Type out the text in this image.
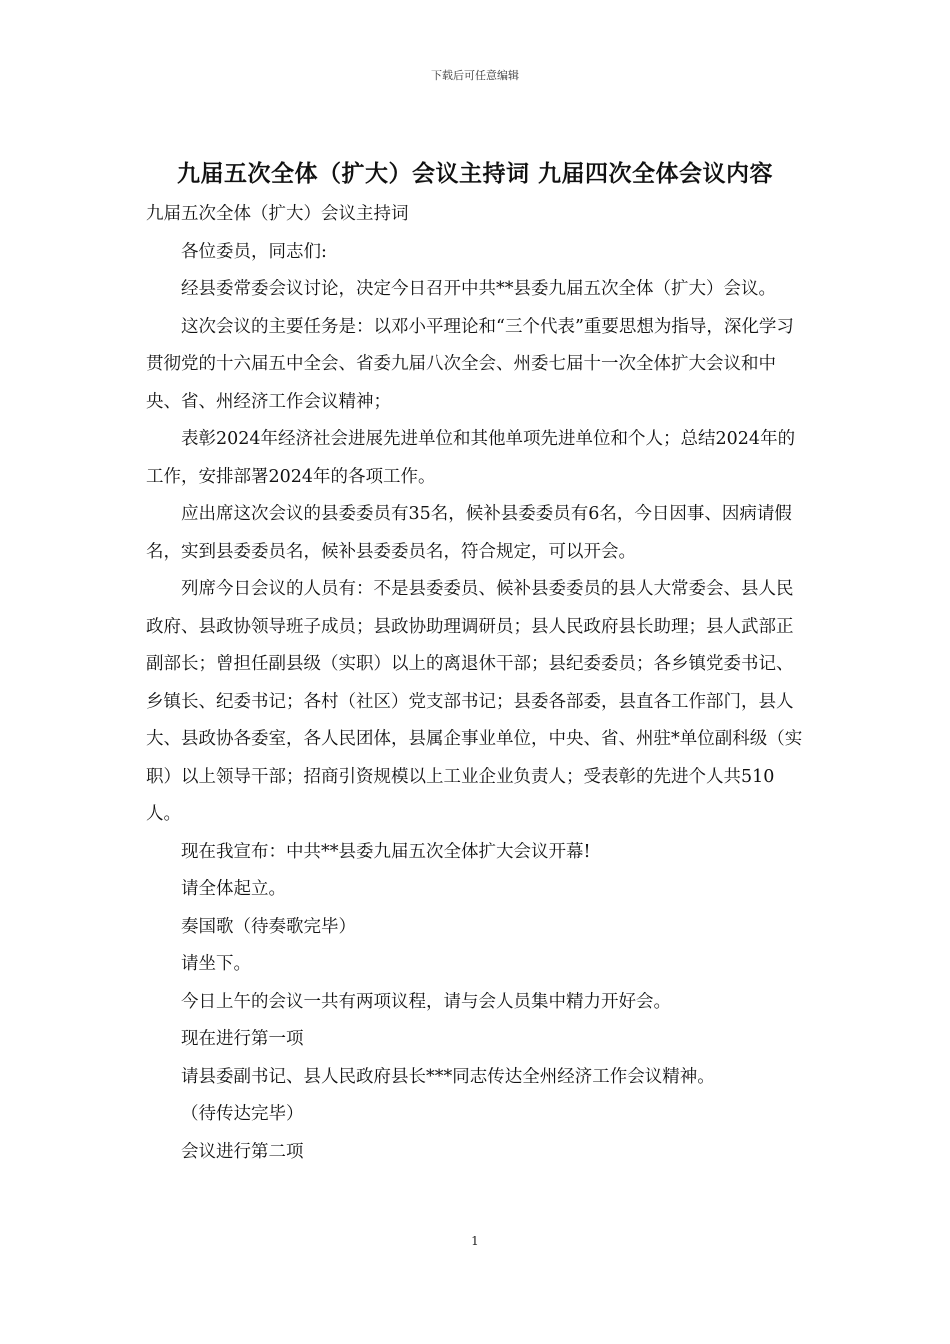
下载后可任意编辑
九届五次全体（扩大）会议主持词 九届四次全体会议内容

九届五次全体（扩大）会议主持词

各位委员，同志们:

经县委常委会议讨论，决定今日召开中共**县委九届五次全体（扩大）会议。

这次会议的主要任务是：以邓小平理论和“三个代表”重要思想为指导，深化学习贯彻党的十六届五中全会、省委九届八次全会、州委七届十一次全体扩大会议和中央、省、州经济工作会议精神；

表彰2024年经济社会进展先进单位和其他单项先进单位和个人；总结2024年的工作，安排部署2024年的各项工作。

应出席这次会议的县委委员有35名，候补县委委员有6名，今日因事、因病请假名，实到县委委员名，候补县委委员名，符合规定，可以开会。

列席今日会议的人员有：不是县委委员、候补县委委员的县人大常委会、县人民政府、县政协领导班子成员；县政协助理调研员；县人民政府县长助理；县人武部正副部长；曾担任副县级（实职）以上的离退休干部；县纪委委员；各乡镇党委书记、乡镇长、纪委书记；各村（社区）党支部书记；县委各部委，县直各工作部门，县人大、县政协各委室，各人民团体，县属企事业单位，中央、省、州驻*单位副科级（实职）以上领导干部；招商引资规模以上工业企业负责人；受表彰的先进个人共510人。

现在我宣布：中共**县委九届五次全体扩大会议开幕!

请全体起立。

奏国歌（待奏歌完毕）

请坐下。

今日上午的会议一共有两项议程，请与会人员集中精力开好会。

现在进行第一项

请县委副书记、县人民政府县长***同志传达全州经济工作会议精神。

（待传达完毕）

会议进行第二项

1
